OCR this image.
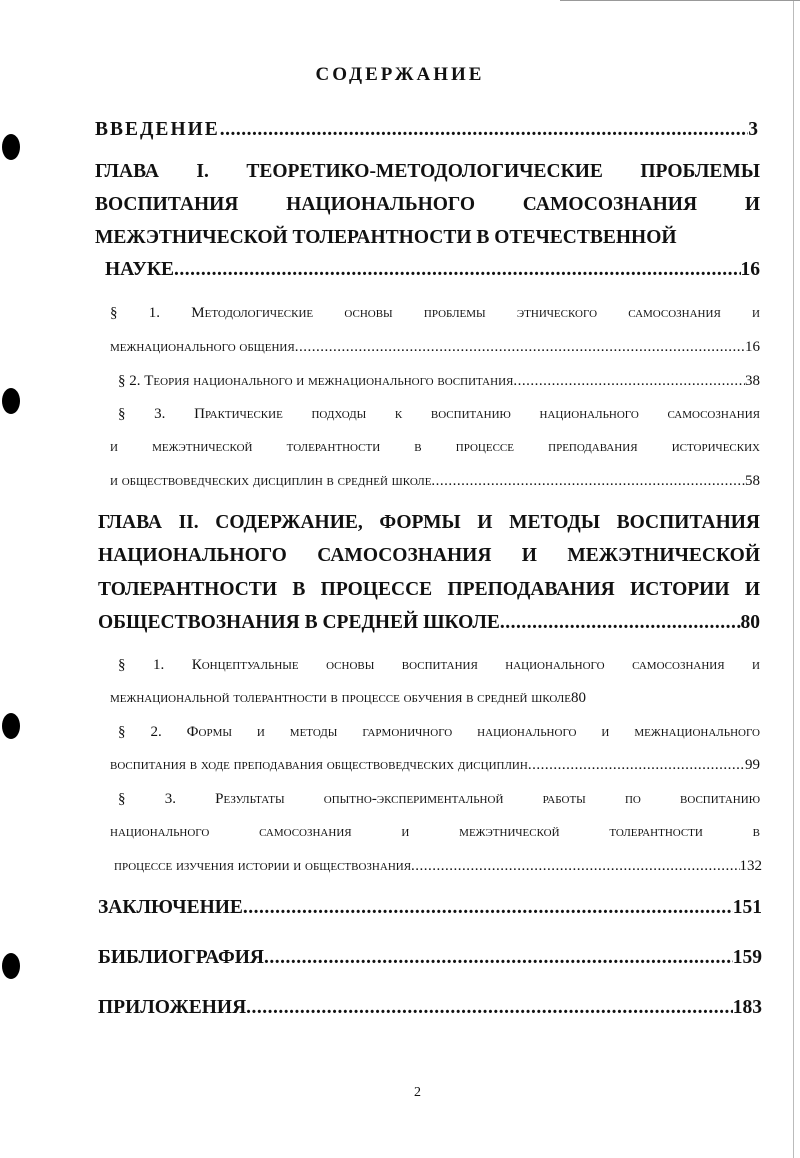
СОДЕРЖАНИЕ
ВВЕДЕНИЕ .....	3
ГЛАВА I. ТЕОРЕТИКО-МЕТОДОЛОГИЧЕСКИЕ ПРОБЛЕМЫ
ВОСПИТАНИЯ НАЦИОНАЛЬНОГО САМОСОЗНАНИЯ И
МЕЖЭТНИЧЕСКОЙ ТОЛЕРАНТНОСТИ В ОТЕЧЕСТВЕННОЙ
НАУКЕ .....	16
§ 1. Методологические основы проблемы этнического самосознания и
межнационального общения .....	16
§ 2. Теория национального и межнационального воспитания .....	38
§ 3. Практические подходы к воспитанию национального самосознания
и межэтнической толерантности в процессе преподавания исторических
и обществоведческих дисциплин в средней школе .....	58
ГЛАВА II. СОДЕРЖАНИЕ, ФОРМЫ И МЕТОДЫ ВОСПИТАНИЯ
НАЦИОНАЛЬНОГО САМОСОЗНАНИЯ И МЕЖЭТНИЧЕСКОЙ
ТОЛЕРАНТНОСТИ В ПРОЦЕССЕ ПРЕПОДАВАНИЯ ИСТОРИИ И
ОБЩЕСТВОЗНАНИЯ В СРЕДНЕЙ ШКОЛЕ .....	80
§ 1. Концептуальные основы воспитания национального самосознания и
межнациональной толерантности в процессе обучения в средней школе 80
§ 2. Формы и методы гармоничного национального и межнационального
воспитания в ходе преподавания обществоведческих дисциплин .....	99
§ 3. Результаты опытно-экспериментальной работы по воспитанию
национального самосознания и межэтнической толерантности в
процессе изучения истории и обществознания .....	132
ЗАКЛЮЧЕНИЕ .....	151
БИБЛИОГРАФИЯ .....	159
ПРИЛОЖЕНИЯ .....	183
2
